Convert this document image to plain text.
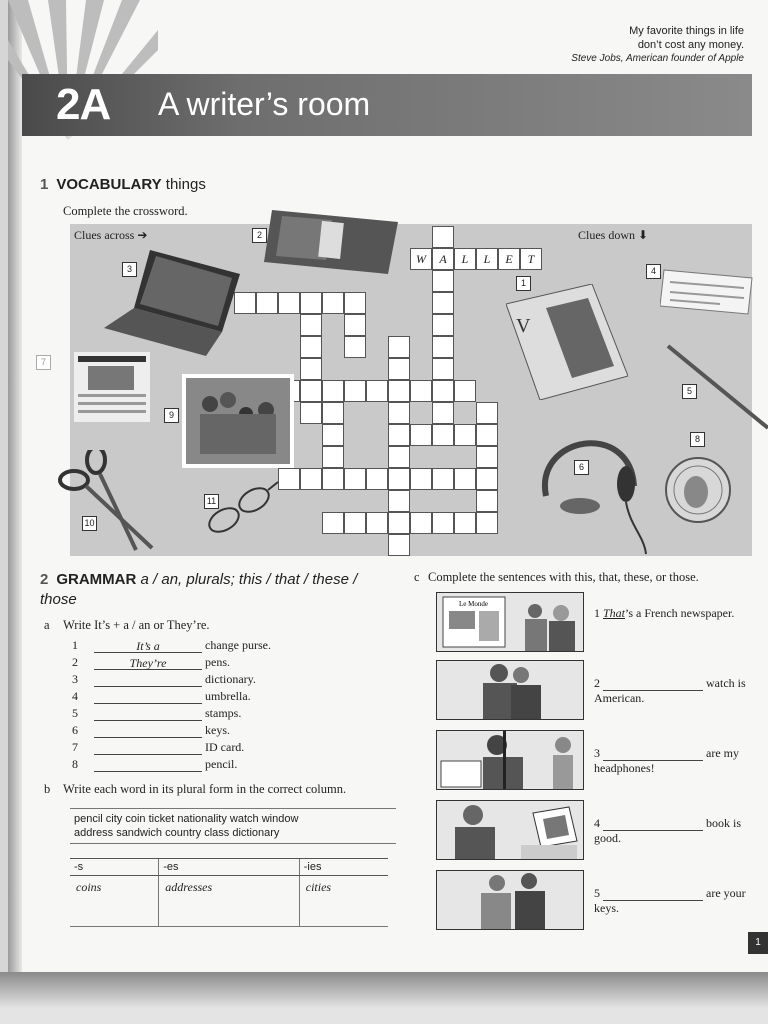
My favorite things in life
don’t cost any money.
Steve Jobs, American founder of Apple
2A A writer’s room
1 VOCABULARY things
Complete the crossword.
7
Clues across ➔	Clues down ⬇
W	A	L	L	E	T
3
2
9
10
11
V
1
4
5
6
8
2 GRAMMAR a / an, plurals; this / that / these / those
a Write It’s + a / an or They’re.
1	It’s a	change purse.
2	They’re	pens.
3	dictionary.
4	umbrella.
5	stamps.
6	keys.
7	ID card.
8	pencil.
b Write each word in its plural form in the correct column.
pencil city coin ticket nationality watch window
address sandwich country class dictionary
-s	-es	-ies
coins	addresses	cities
c Complete the sentences with this, that, these, or those.
Le Monde
1 That’s a French newspaper.
2	watch is American.
3	are my headphones!
4	book is good.
5	are your keys.
1
